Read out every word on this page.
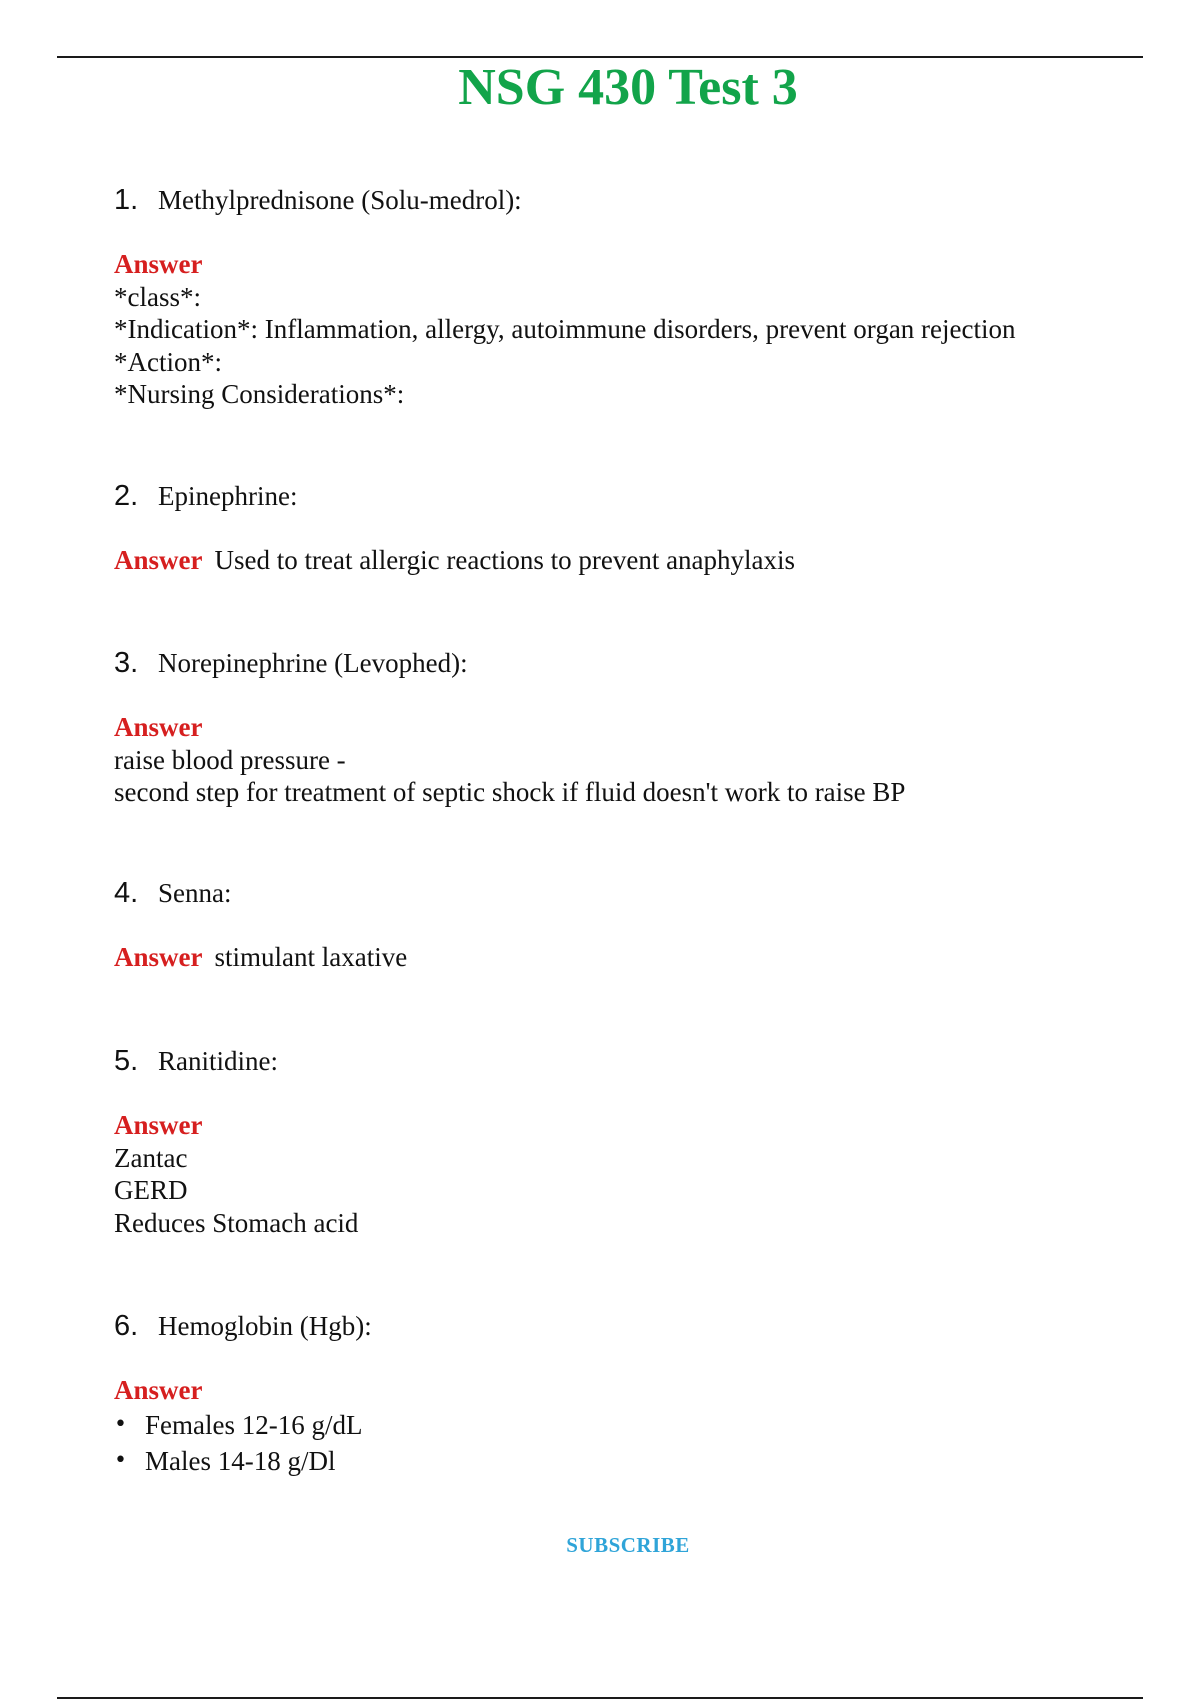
NSG 430 Test 3

1. Methylprednisone (Solu-medrol):

Answer
*class*:
*Indication*: Inflammation, allergy, autoimmune disorders, prevent organ rejection
*Action*:
*Nursing Considerations*:

2. Epinephrine:

Answer Used to treat allergic reactions to prevent anaphylaxis

3. Norepinephrine (Levophed):

Answer
raise blood pressure -
second step for treatment of septic shock if fluid doesn't work to raise BP

4. Senna:

Answer stimulant laxative

5. Ranitidine:

Answer
Zantac
GERD
Reduces Stomach acid

6. Hemoglobin (Hgb):

Answer
• Females 12-16 g/dL
• Males 14-18 g/Dl
SUBSCRIBE
